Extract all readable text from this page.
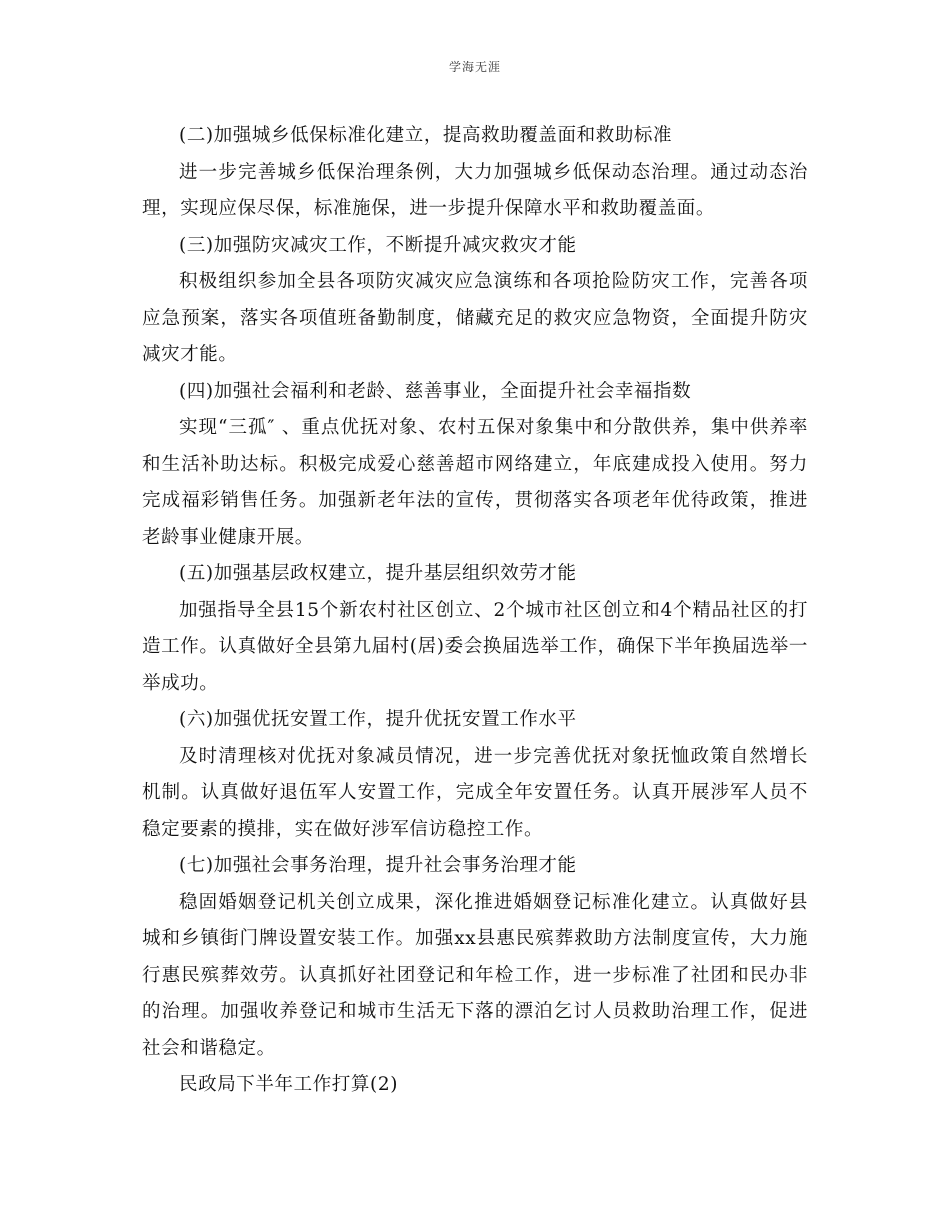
学海无涯

(二)加强城乡低保标准化建立，提高救助覆盖面和救助标准

进一步完善城乡低保治理条例，大力加强城乡低保动态治理。通过动态治理，实现应保尽保，标准施保，进一步提升保障水平和救助覆盖面。

(三)加强防灾减灾工作，不断提升减灾救灾才能

积极组织参加全县各项防灾减灾应急演练和各项抢险防灾工作，完善各项应急预案，落实各项值班备勤制度，储藏充足的救灾应急物资，全面提升防灾减灾才能。

(四)加强社会福利和老龄、慈善事业，全面提升社会幸福指数

实现“三孤″ 、重点优抚对象、农村五保对象集中和分散供养，集中供养率和生活补助达标。积极完成爱心慈善超市网络建立，年底建成投入使用。努力完成福彩销售任务。加强新老年法的宣传，贯彻落实各项老年优待政策，推进老龄事业健康开展。

(五)加强基层政权建立，提升基层组织效劳才能

加强指导全县15个新农村社区创立、2个城市社区创立和4个精品社区的打造工作。认真做好全县第九届村(居)委会换届选举工作，确保下半年换届选举一举成功。

(六)加强优抚安置工作，提升优抚安置工作水平

及时清理核对优抚对象减员情况，进一步完善优抚对象抚恤政策自然增长机制。认真做好退伍军人安置工作，完成全年安置任务。认真开展涉军人员不稳定要素的摸排，实在做好涉军信访稳控工作。

(七)加强社会事务治理，提升社会事务治理才能

稳固婚姻登记机关创立成果，深化推进婚姻登记标准化建立。认真做好县城和乡镇街门牌设置安装工作。加强xx县惠民殡葬救助方法制度宣传，大力施行惠民殡葬效劳。认真抓好社团登记和年检工作，进一步标准了社团和民办非的治理。加强收养登记和城市生活无下落的漂泊乞讨人员救助治理工作，促进社会和谐稳定。

民政局下半年工作打算(2)
